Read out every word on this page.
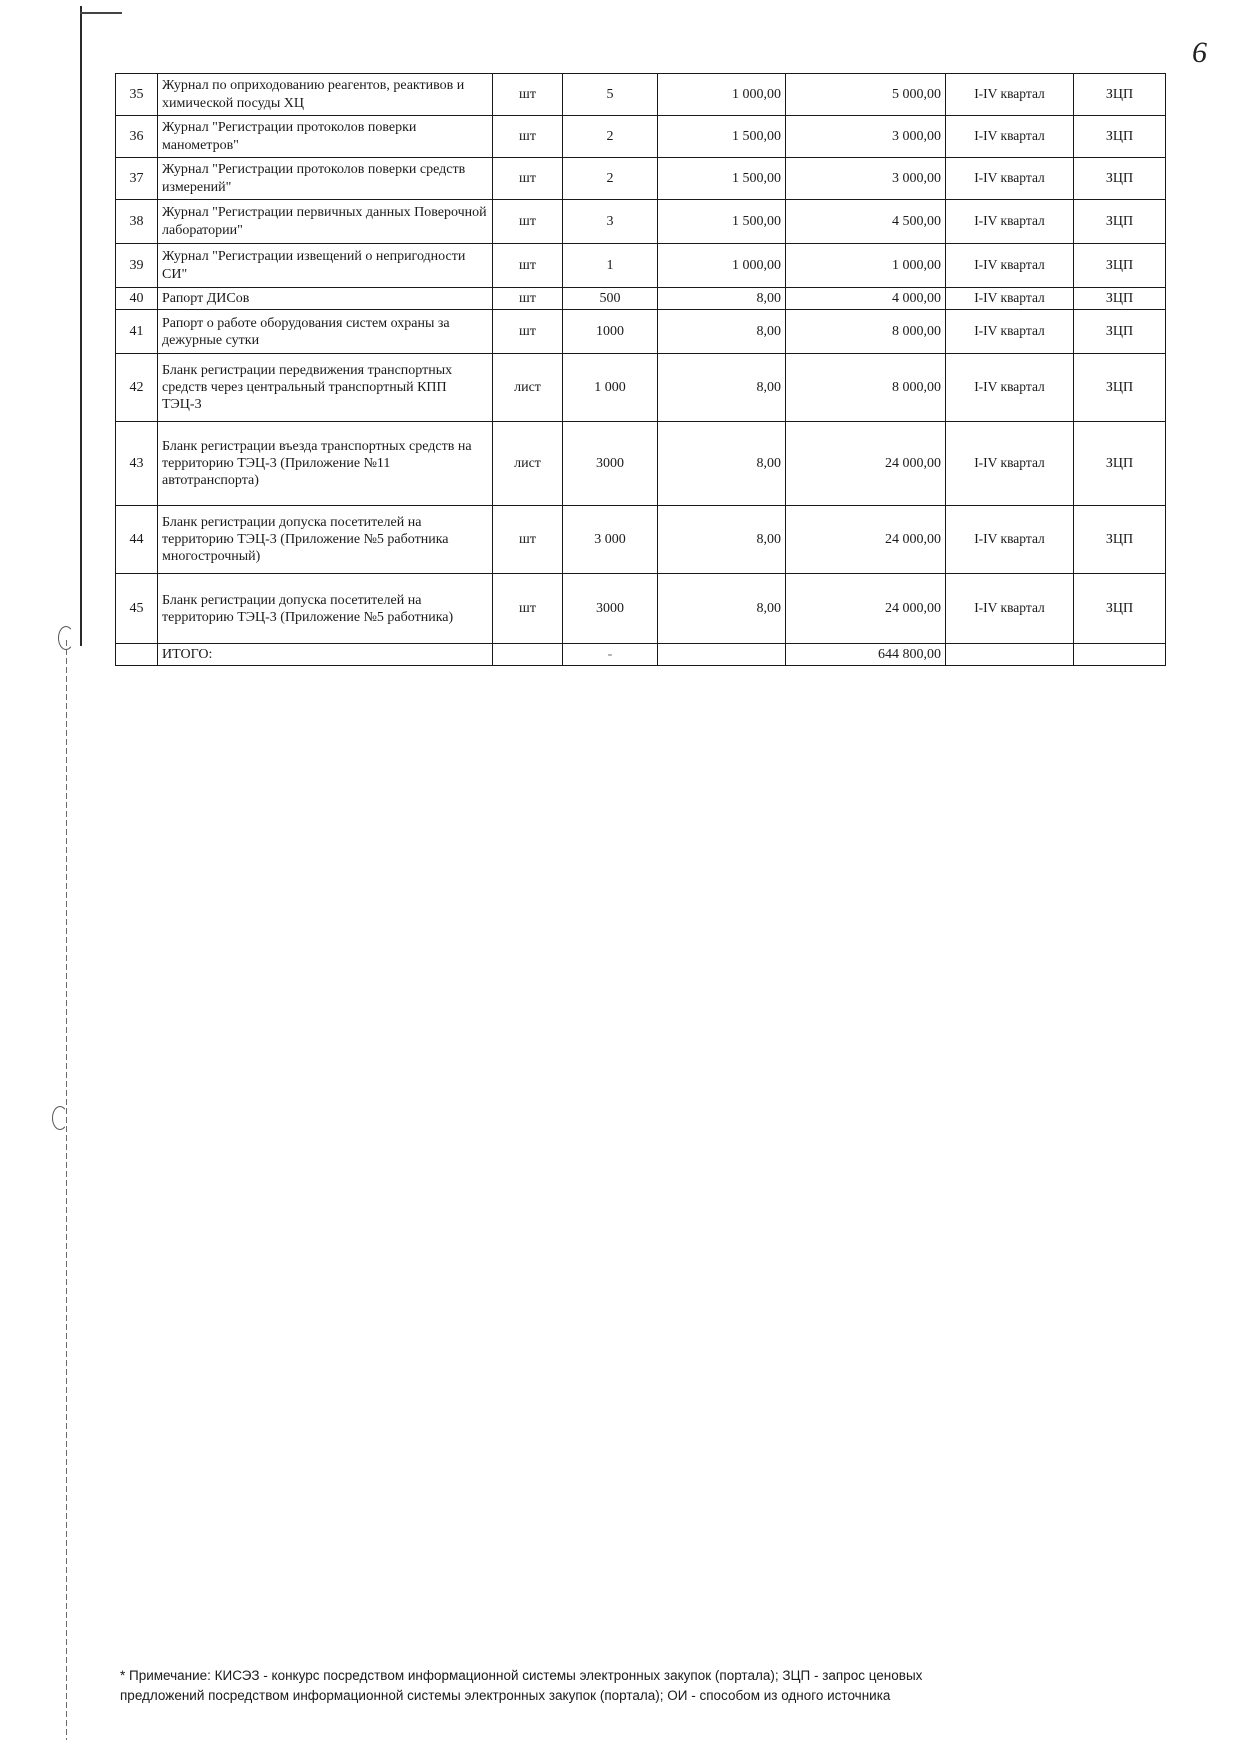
6
35	Журнал по оприходованию реагентов, реактивов и химической посуды ХЦ	шт	5	1 000,00	5 000,00	I-IV квартал	ЗЦП
36	Журнал "Регистрации протоколов поверки манометров"	шт	2	1 500,00	3 000,00	I-IV квартал	ЗЦП
37	Журнал "Регистрации протоколов поверки средств измерений"	шт	2	1 500,00	3 000,00	I-IV квартал	ЗЦП
38	Журнал "Регистрации первичных данных Поверочной лаборатории"	шт	3	1 500,00	4 500,00	I-IV квартал	ЗЦП
39	Журнал "Регистрации извещений о непригодности СИ"	шт	1	1 000,00	1 000,00	I-IV квартал	ЗЦП
40	Рапорт ДИСов	шт	500	8,00	4 000,00	I-IV квартал	ЗЦП
41	Рапорт о работе оборудования систем охраны за дежурные сутки	шт	1000	8,00	8 000,00	I-IV квартал	ЗЦП
42	Бланк регистрации передвижения транспортных средств через центральный транспортный КПП ТЭЦ-3	лист	1 000	8,00	8 000,00	I-IV квартал	ЗЦП
43	Бланк регистрации въезда транспортных средств на территорию ТЭЦ-3 (Приложение №11 автотранспорта)	лист	3000	8,00	24 000,00	I-IV квартал	ЗЦП
44	Бланк регистрации допуска посетителей на территорию ТЭЦ-3 (Приложение №5 работника многострочный)	шт	3 000	8,00	24 000,00	I-IV квартал	ЗЦП
45	Бланк регистрации допуска посетителей на территорию ТЭЦ-3 (Приложение №5 работника)	шт	3000	8,00	24 000,00	I-IV квартал	ЗЦП
	ИТОГО:		-		644 800,00		
* Примечание: КИСЭЗ - конкурс посредством информационной системы электронных закупок (портала); ЗЦП - запрос ценовых
предложений посредством информационной системы электронных закупок (портала); ОИ - способом из одного источника
